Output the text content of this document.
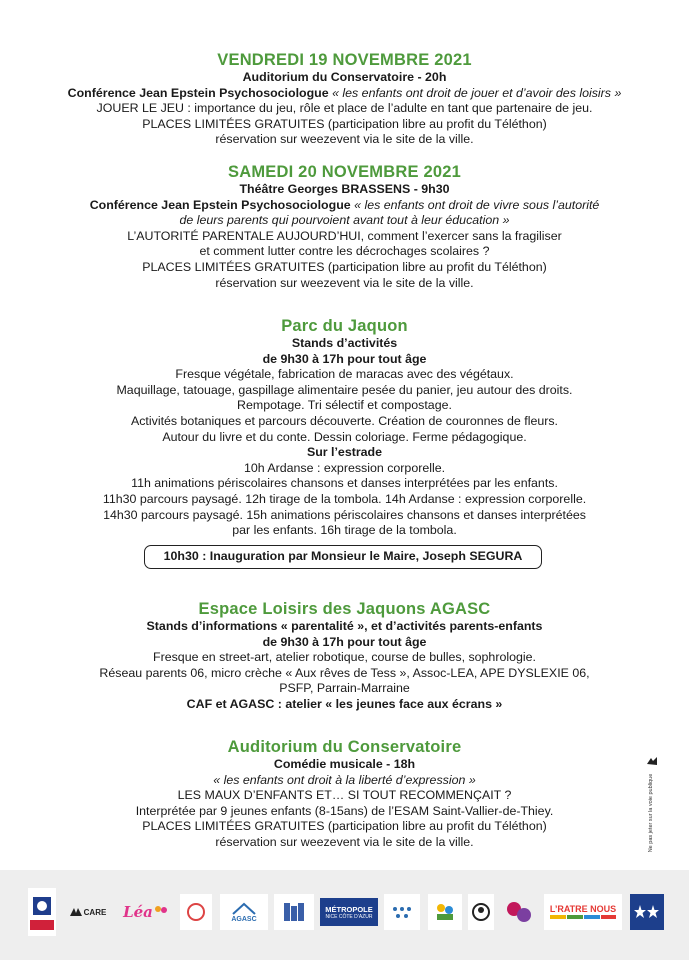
VENDREDI 19 NOVEMBRE 2021
Auditorium du Conservatoire - 20h
Conférence Jean Epstein Psychosociologue « les enfants ont droit de jouer et d’avoir des loisirs »
JOUER LE JEU : importance du jeu, rôle et place de l’adulte en tant que partenaire de jeu.
PLACES LIMITÉES GRATUITES (participation libre au profit du Téléthon)
réservation sur weezevent via le site de la ville.
SAMEDI 20 NOVEMBRE 2021
Théâtre Georges BRASSENS - 9h30
Conférence Jean Epstein Psychosociologue « les enfants ont droit de vivre sous l’autorité
de leurs parents qui pourvoient avant tout à leur éducation »
L’AUTORITÉ PARENTALE AUJOURD’HUI, comment l’exercer sans la fragiliser
et comment lutter contre les décrochages scolaires ?
PLACES LIMITÉES GRATUITES (participation libre au profit du Téléthon)
réservation sur weezevent via le site de la ville.
Parc du Jaquon
Stands d’activités
de 9h30 à 17h pour tout âge
Fresque végétale, fabrication de maracas avec des végétaux.
Maquillage, tatouage, gaspillage alimentaire pesée du panier, jeu autour des droits.
Rempotage. Tri sélectif et compostage.
Activités botaniques et parcours découverte. Création de couronnes de fleurs.
Autour du livre et du conte. Dessin coloriage. Ferme pédagogique.
Sur l’estrade
10h Ardanse : expression corporelle.
11h animations périscolaires chansons et danses interprétées par les enfants.
11h30 parcours paysagé. 12h tirage de la tombola. 14h Ardanse : expression corporelle.
14h30 parcours paysagé. 15h animations périscolaires chansons et danses interprétées
par les enfants. 16h tirage de la tombola.
10h30 : Inauguration par Monsieur le Maire, Joseph SEGURA
Espace Loisirs des Jaquons AGASC
Stands d’informations « parentalité », et d’activités parents-enfants
de 9h30 à 17h pour tout âge
Fresque en street-art, atelier robotique, course de bulles, sophrologie.
Réseau parents 06, micro crèche « Aux rêves de Tess », Assoc-LEA, APE DYSLEXIE 06,
PSFP, Parrain-Marraine
CAF et AGASC : atelier « les jeunes face aux écrans »
Auditorium du Conservatoire
Comédie musicale - 18h
« les enfants ont droit à la liberté d’expression »
LES MAUX D’ENFANTS ET… SI TOUT RECOMMENÇAIT ?
Interprétée par 9 jeunes enfants (8-15ans) de l’ESAM Saint-Vallier-de-Thiey.
PLACES LIMITÉES GRATUITES (participation libre au profit du Téléthon)
réservation sur weezevent via le site de la ville.	Ne pas jeter sur la voie publique
CARE Léa	AGASC
MÉTROPOLE
NICE CÔTE D’AZUR
L’RATRE NOUS
